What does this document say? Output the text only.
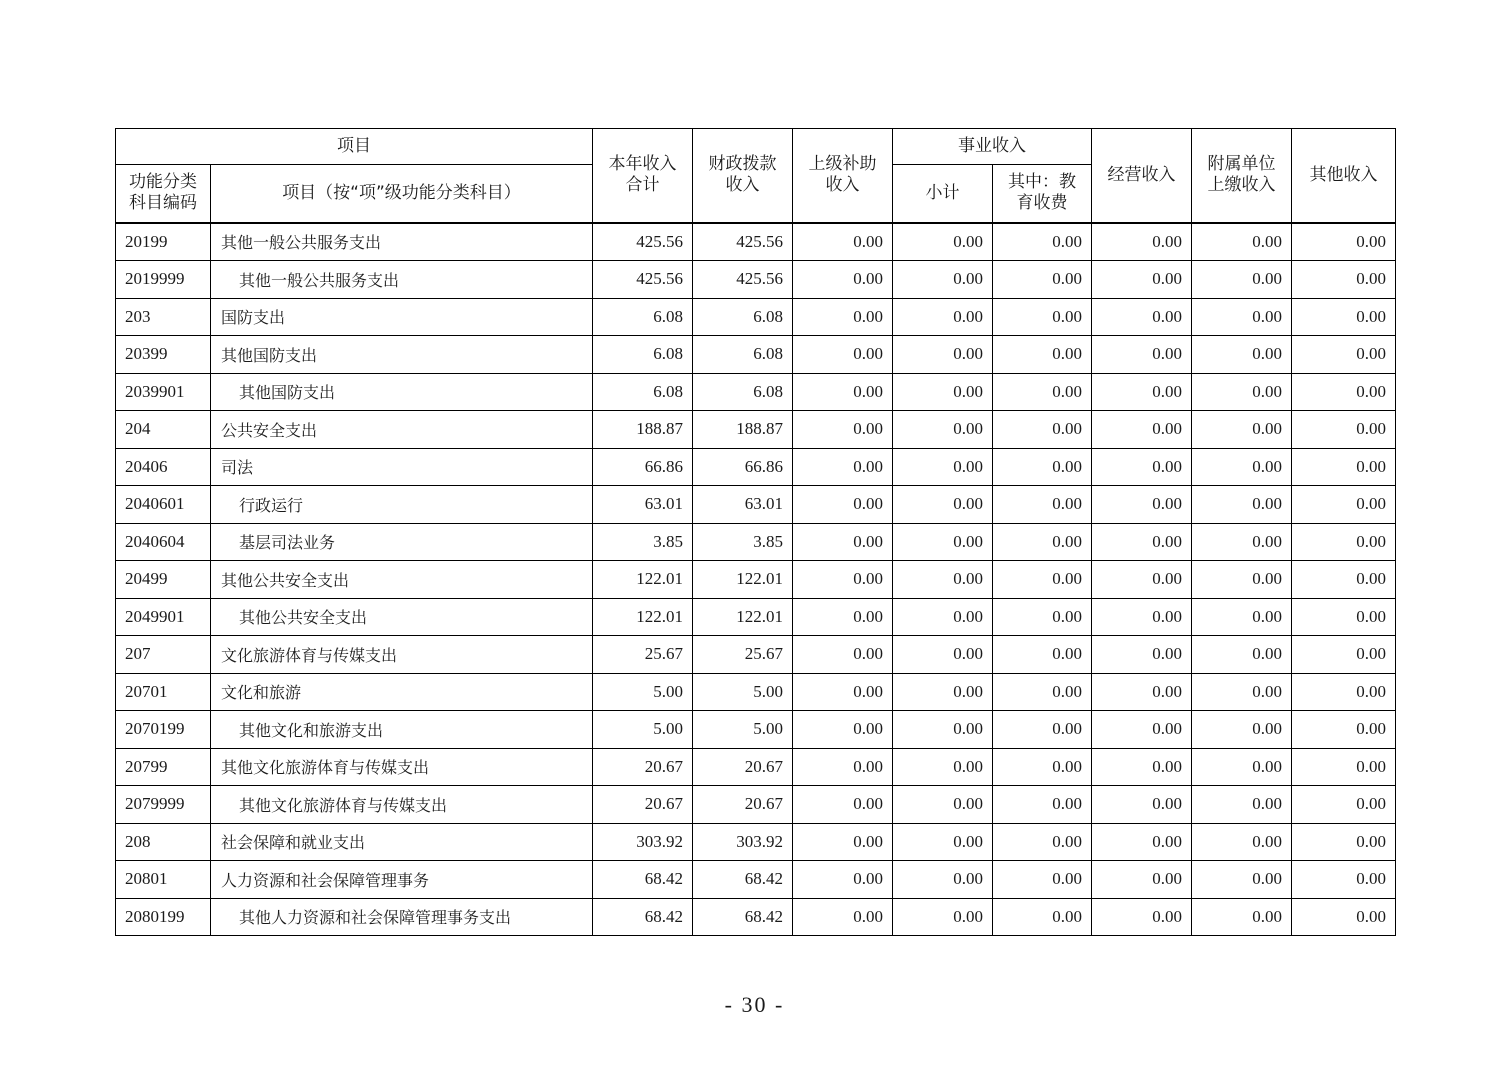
项目		本年收入合计	财政拨款收入	上级补助收入	事业收入		经营收入	附属单位上缴收入	其他收入
功能分类科目编码	项目（按“项”级功能分类科目）				小计	其中：教育收费			
20199	其他一般公共服务支出	425.56	425.56	0.00	0.00	0.00	0.00	0.00	0.00
2019999	其他一般公共服务支出	425.56	425.56	0.00	0.00	0.00	0.00	0.00	0.00
203	国防支出	6.08	6.08	0.00	0.00	0.00	0.00	0.00	0.00
20399	其他国防支出	6.08	6.08	0.00	0.00	0.00	0.00	0.00	0.00
2039901	其他国防支出	6.08	6.08	0.00	0.00	0.00	0.00	0.00	0.00
204	公共安全支出	188.87	188.87	0.00	0.00	0.00	0.00	0.00	0.00
20406	司法	66.86	66.86	0.00	0.00	0.00	0.00	0.00	0.00
2040601	行政运行	63.01	63.01	0.00	0.00	0.00	0.00	0.00	0.00
2040604	基层司法业务	3.85	3.85	0.00	0.00	0.00	0.00	0.00	0.00
20499	其他公共安全支出	122.01	122.01	0.00	0.00	0.00	0.00	0.00	0.00
2049901	其他公共安全支出	122.01	122.01	0.00	0.00	0.00	0.00	0.00	0.00
207	文化旅游体育与传媒支出	25.67	25.67	0.00	0.00	0.00	0.00	0.00	0.00
20701	文化和旅游	5.00	5.00	0.00	0.00	0.00	0.00	0.00	0.00
2070199	其他文化和旅游支出	5.00	5.00	0.00	0.00	0.00	0.00	0.00	0.00
20799	其他文化旅游体育与传媒支出	20.67	20.67	0.00	0.00	0.00	0.00	0.00	0.00
2079999	其他文化旅游体育与传媒支出	20.67	20.67	0.00	0.00	0.00	0.00	0.00	0.00
208	社会保障和就业支出	303.92	303.92	0.00	0.00	0.00	0.00	0.00	0.00
20801	人力资源和社会保障管理事务	68.42	68.42	0.00	0.00	0.00	0.00	0.00	0.00
2080199	其他人力资源和社会保障管理事务支出	68.42	68.42	0.00	0.00	0.00	0.00	0.00	0.00
- 30 -
